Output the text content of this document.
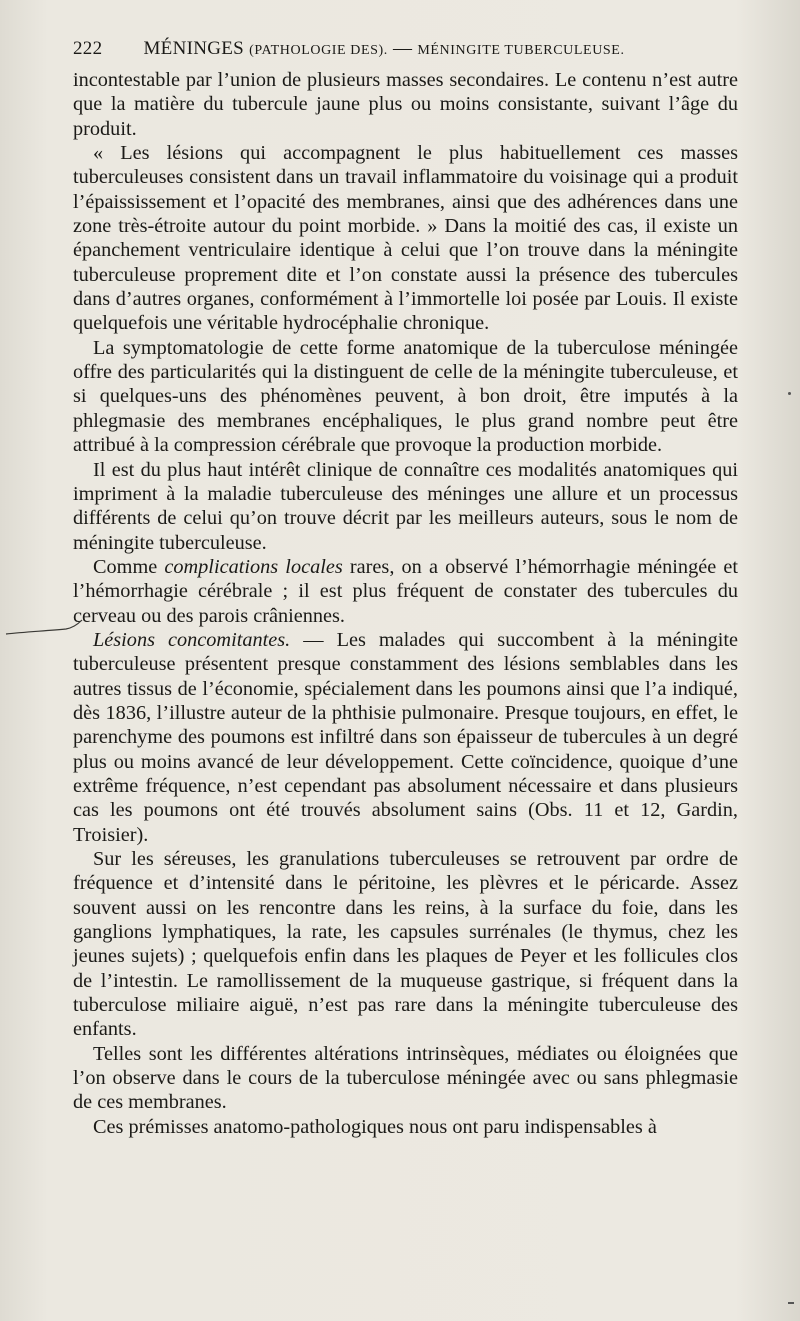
222 MÉNINGES (PATHOLOGIE DES). — MÉNINGITE TUBERCULEUSE.

incontestable par l’union de plusieurs masses secondaires. Le contenu n’est autre que la matière du tubercule jaune plus ou moins consistante, suivant l’âge du produit.

« Les lésions qui accompagnent le plus habituellement ces masses tuberculeuses consistent dans un travail inflammatoire du voisinage qui a produit l’épaississement et l’opacité des membranes, ainsi que des adhérences dans une zone très-étroite autour du point morbide. » Dans la moitié des cas, il existe un épanchement ventriculaire identique à celui que l’on trouve dans la méningite tuberculeuse proprement dite et l’on constate aussi la présence des tubercules dans d’autres organes, conformément à l’immortelle loi posée par Louis. Il existe quelquefois une véritable hydrocéphalie chronique.

La symptomatologie de cette forme anatomique de la tuberculose méningée offre des particularités qui la distinguent de celle de la méningite tuberculeuse, et si quelques-uns des phénomènes peuvent, à bon droit, être imputés à la phlegmasie des membranes encéphaliques, le plus grand nombre peut être attribué à la compression cérébrale que provoque la production morbide.

Il est du plus haut intérêt clinique de connaître ces modalités anatomiques qui impriment à la maladie tuberculeuse des méninges une allure et un processus différents de celui qu’on trouve décrit par les meilleurs auteurs, sous le nom de méningite tuberculeuse.

Comme complications locales rares, on a observé l’hémorrhagie méningée et l’hémorrhagie cérébrale ; il est plus fréquent de constater des tubercules du cerveau ou des parois crâniennes.

Lésions concomitantes. — Les malades qui succombent à la méningite tuberculeuse présentent presque constamment des lésions semblables dans les autres tissus de l’économie, spécialement dans les poumons ainsi que l’a indiqué, dès 1836, l’illustre auteur de la phthisie pulmonaire. Presque toujours, en effet, le parenchyme des poumons est infiltré dans son épaisseur de tubercules à un degré plus ou moins avancé de leur développement. Cette coïncidence, quoique d’une extrême fréquence, n’est cependant pas absolument nécessaire et dans plusieurs cas les poumons ont été trouvés absolument sains (Obs. 11 et 12, Gardin, Troisier).

Sur les séreuses, les granulations tuberculeuses se retrouvent par ordre de fréquence et d’intensité dans le péritoine, les plèvres et le péricarde. Assez souvent aussi on les rencontre dans les reins, à la surface du foie, dans les ganglions lymphatiques, la rate, les capsules surrénales (le thymus, chez les jeunes sujets) ; quelquefois enfin dans les plaques de Peyer et les follicules clos de l’intestin. Le ramollissement de la muqueuse gastrique, si fréquent dans la tuberculose miliaire aiguë, n’est pas rare dans la méningite tuberculeuse des enfants.

Telles sont les différentes altérations intrinsèques, médiates ou éloignées que l’on observe dans le cours de la tuberculose méningée avec ou sans phlegmasie de ces membranes.

Ces prémisses anatomo-pathologiques nous ont paru indispensables à
